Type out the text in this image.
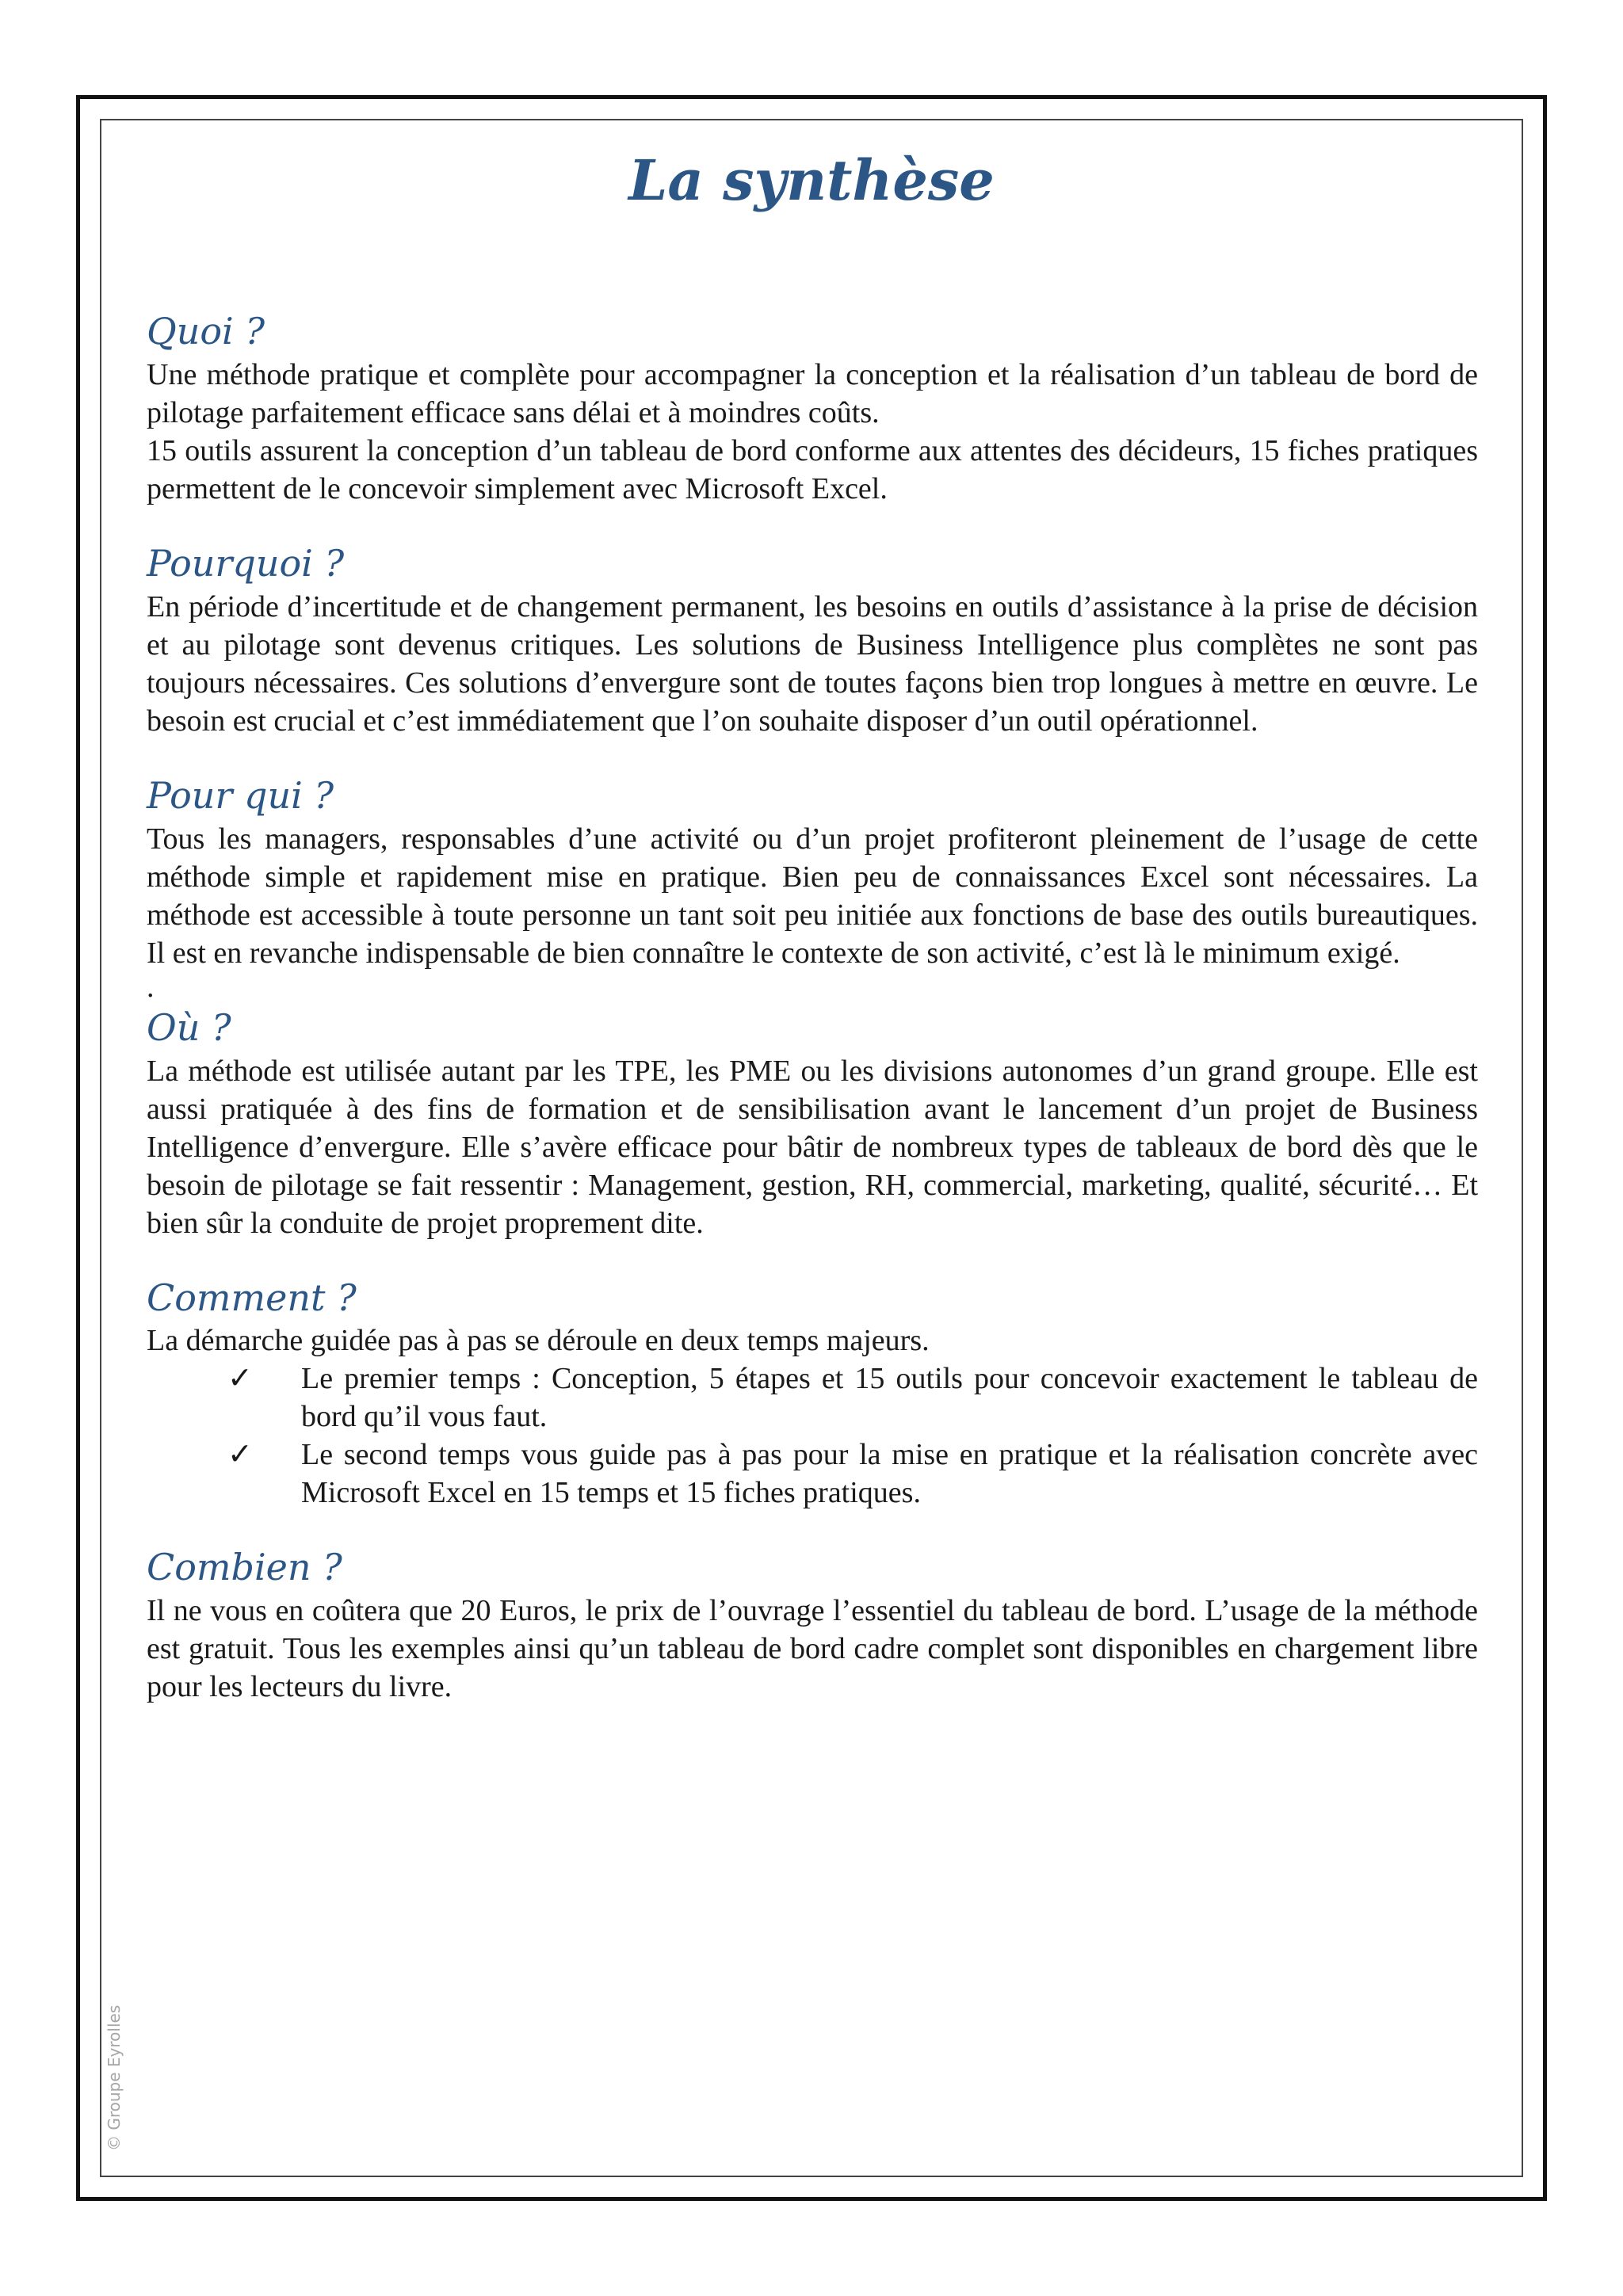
La synthèse
Quoi ?

Une méthode pratique et complète pour accompagner la conception et la réalisation d’un tableau de bord de pilotage parfaitement efficace sans délai et à moindres coûts.

15 outils assurent la conception d’un tableau de bord conforme aux attentes des décideurs, 15 fiches pratiques permettent de le concevoir simplement avec Microsoft Excel.

Pourquoi ?

En période d’incertitude et de changement permanent, les besoins en outils d’assistance à la prise de décision et au pilotage sont devenus critiques. Les solutions de Business Intelligence plus complètes ne sont pas toujours nécessaires. Ces solutions d’envergure sont de toutes façons bien trop longues à mettre en œuvre. Le besoin est crucial et c’est immédiatement que l’on souhaite disposer d’un outil opérationnel.

Pour qui ?

Tous les managers, responsables d’une activité ou d’un projet profiteront pleinement de l’usage de cette méthode simple et rapidement mise en pratique. Bien peu de connaissances Excel sont nécessaires. La méthode est accessible à toute personne un tant soit peu initiée aux fonctions de base des outils bureautiques. Il est en revanche indispensable de bien connaître le contexte de son activité, c’est là le minimum exigé.

.
Où ?

La méthode est utilisée autant par les TPE, les PME ou les divisions autonomes d’un grand groupe. Elle est aussi pratiquée à des fins de formation et de sensibilisation avant le lancement d’un projet de Business Intelligence d’envergure. Elle s’avère efficace pour bâtir de nombreux types de tableaux de bord dès que le besoin de pilotage se fait ressentir : Management, gestion, RH, commercial, marketing, qualité, sécurité… Et bien sûr la conduite de projet proprement dite.

Comment ?

La démarche guidée pas à pas se déroule en deux temps majeurs.

✓ Le premier temps : Conception, 5 étapes et 15 outils pour concevoir exactement le tableau de bord qu’il vous faut.
✓ Le second temps vous guide pas à pas pour la mise en pratique et la réalisation concrète avec Microsoft Excel en 15 temps et 15 fiches pratiques.
Combien ?

Il ne vous en coûtera que 20 Euros, le prix de l’ouvrage l’essentiel du tableau de bord. L’usage de la méthode est gratuit. Tous les exemples ainsi qu’un tableau de bord cadre complet sont disponibles en chargement libre pour les lecteurs du livre.

© Groupe Eyrolles
